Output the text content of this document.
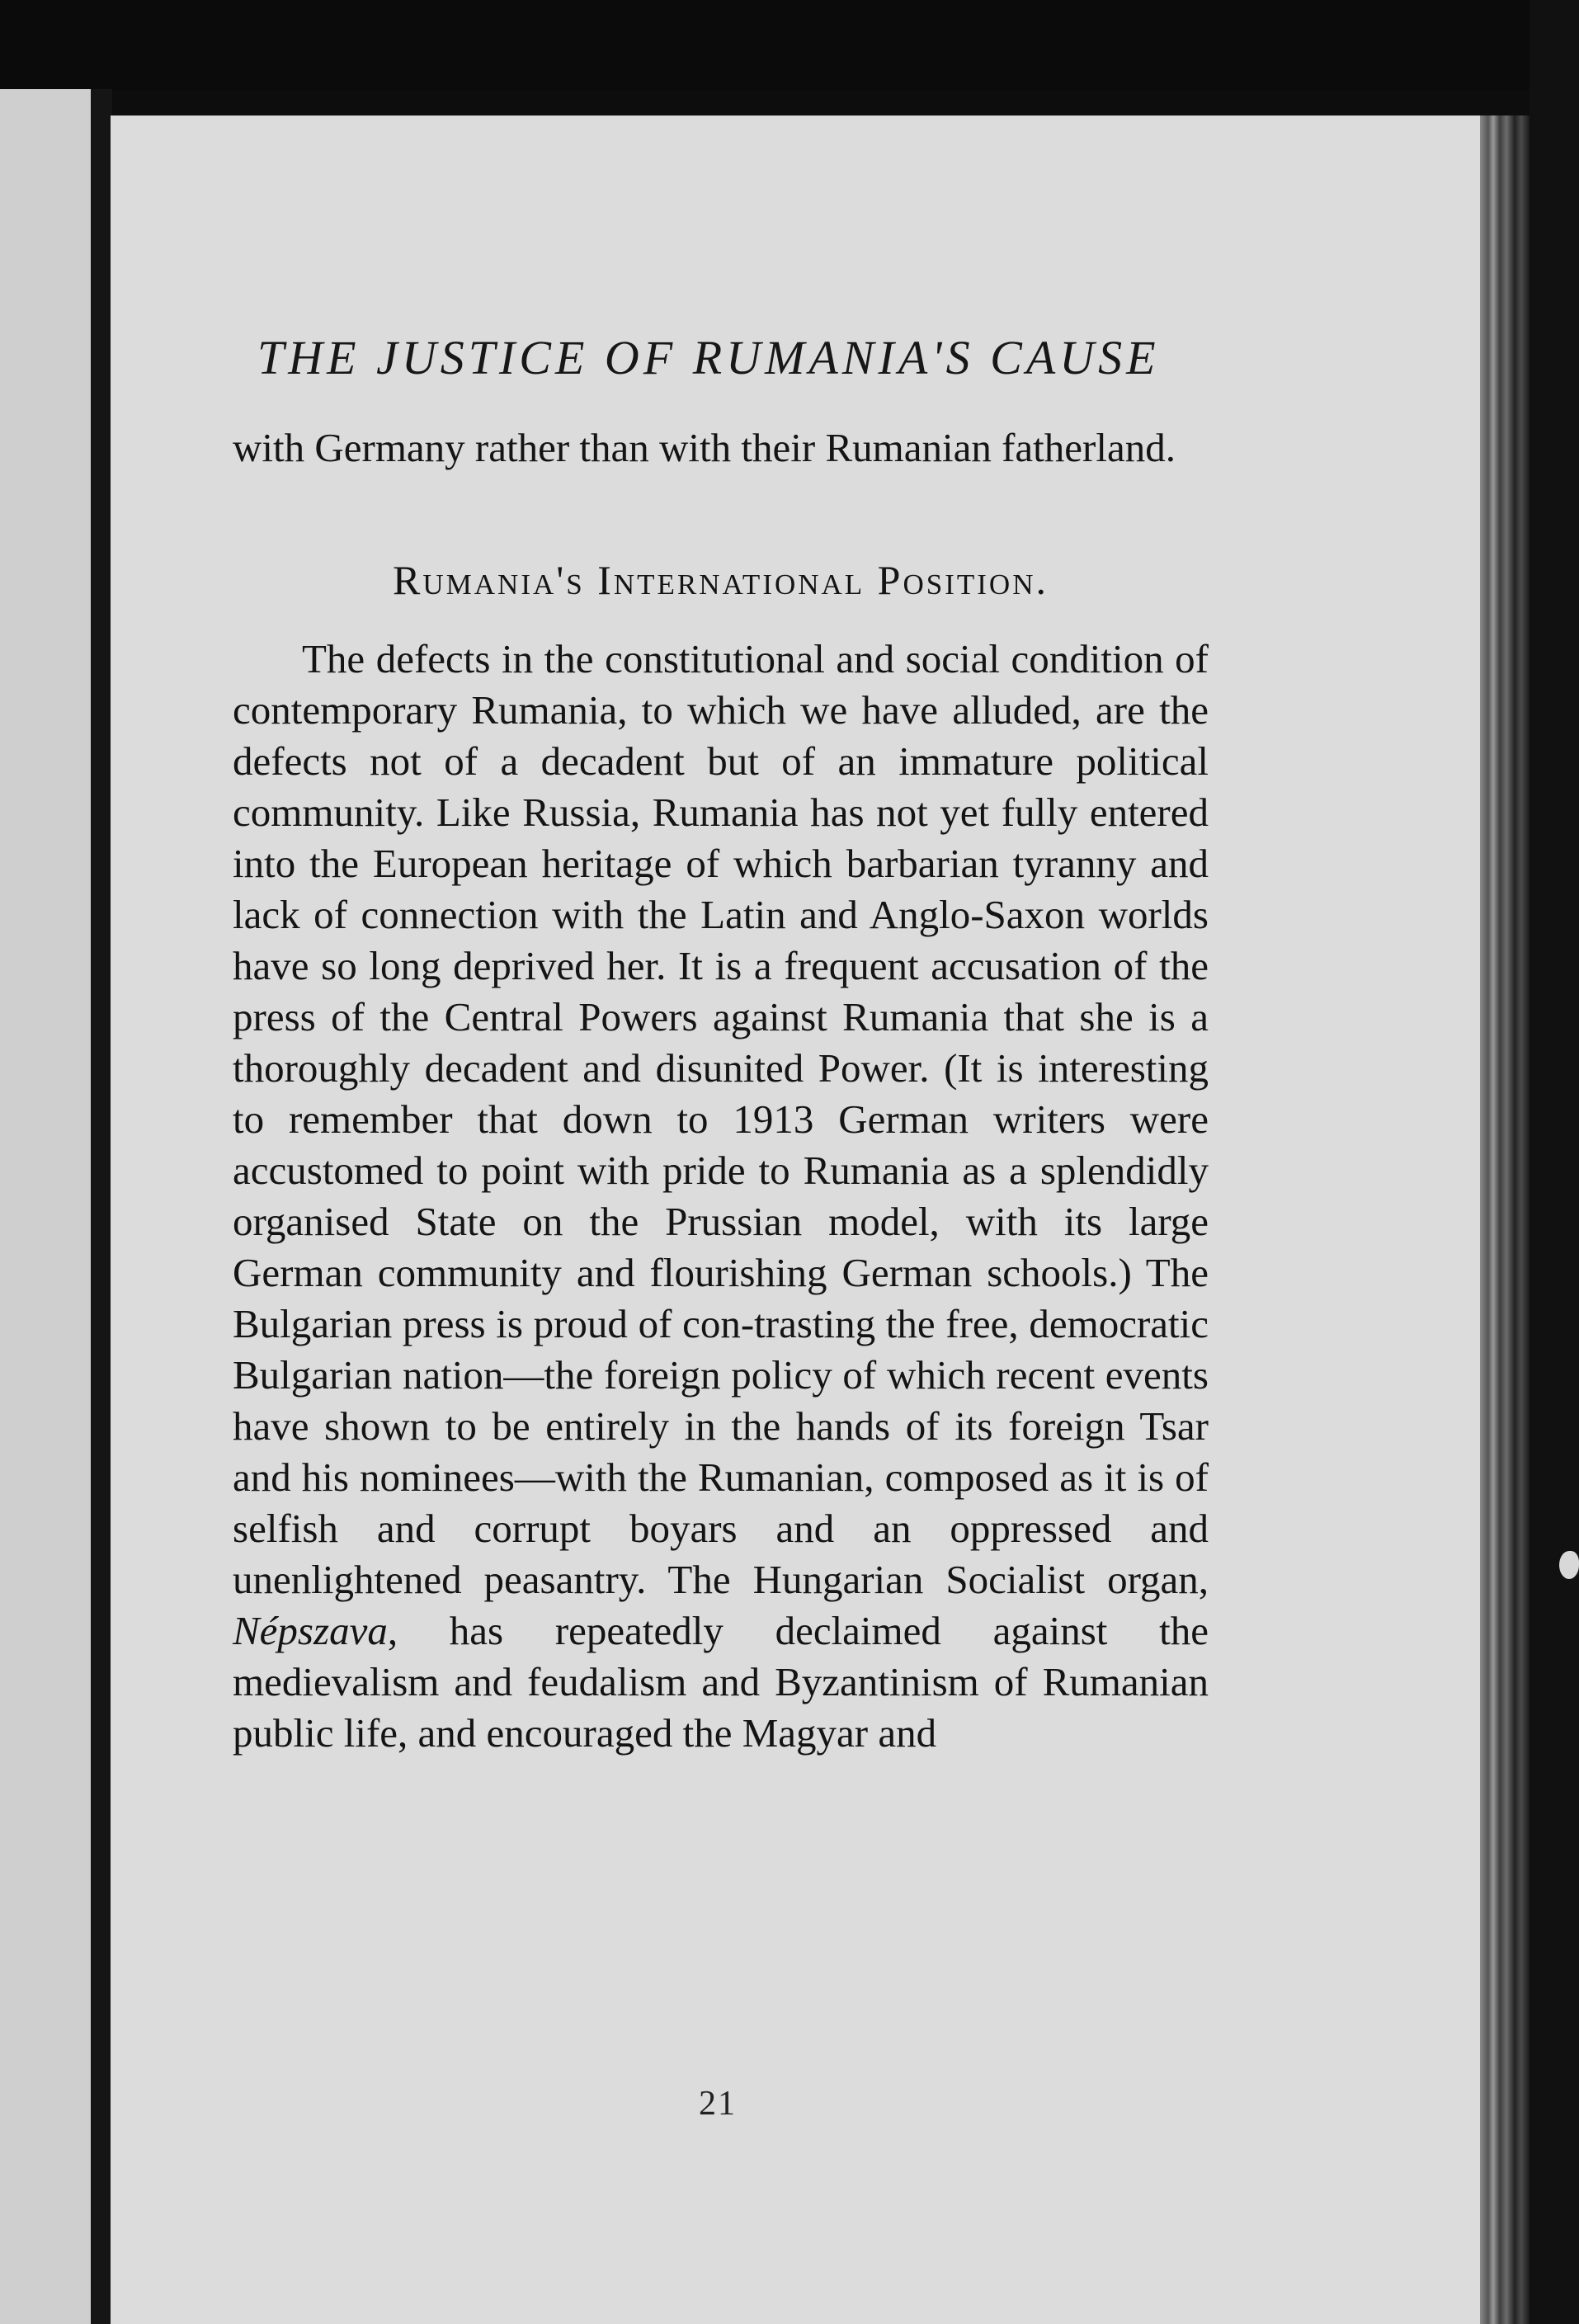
THE JUSTICE OF RUMANIA'S CAUSE

with Germany rather than with their Rumanian fatherland.

Rumania's International Position.

The defects in the constitutional and social condition of contemporary Rumania, to which we have alluded, are the defects not of a decadent but of an immature political community. Like Russia, Rumania has not yet fully entered into the European heritage of which barbarian tyranny and lack of connection with the Latin and Anglo-Saxon worlds have so long deprived her. It is a frequent accusation of the press of the Central Powers against Rumania that she is a thoroughly decadent and disunited Power. (It is interesting to remember that down to 1913 German writers were accustomed to point with pride to Rumania as a splendidly organised State on the Prussian model, with its large German community and flourishing German schools.) The Bulgarian press is proud of con-trasting the free, democratic Bulgarian nation—the foreign policy of which recent events have shown to be entirely in the hands of its foreign Tsar and his nominees—with the Rumanian, composed as it is of selfish and corrupt boyars and an oppressed and unenlightened peasantry. The Hungarian Socialist organ, Népszava, has repeatedly declaimed against the medievalism and feudalism and Byzantinism of Rumanian public life, and encouraged the Magyar and

21
